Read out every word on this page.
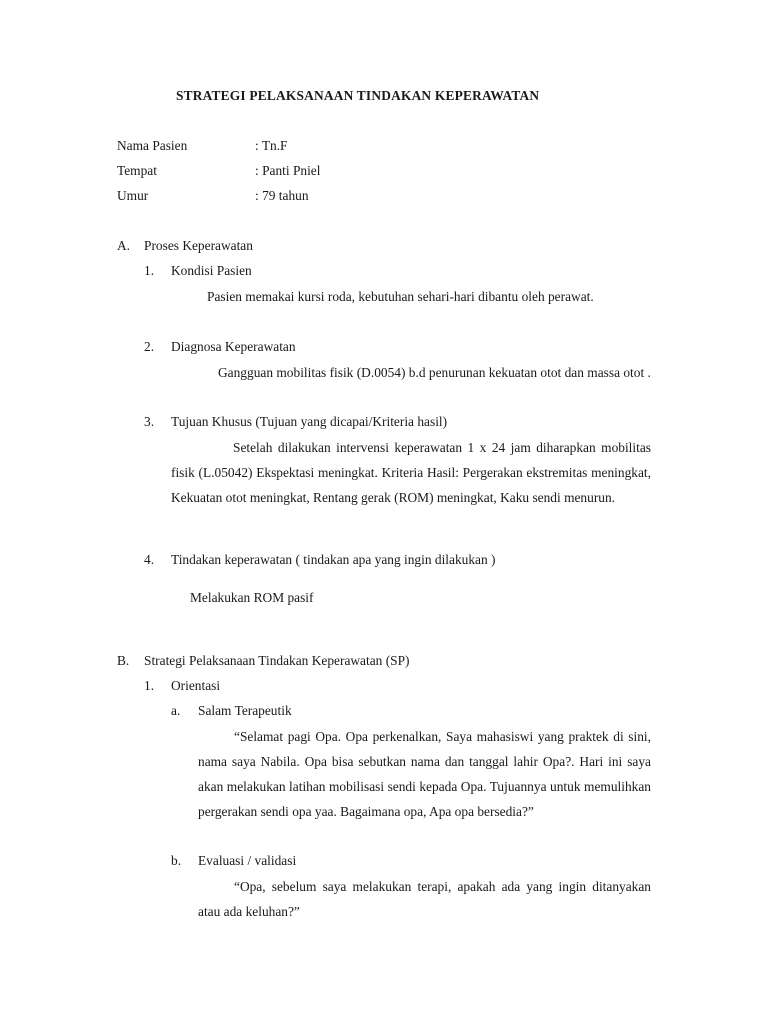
STRATEGI PELAKSANAAN TINDAKAN KEPERAWATAN
Nama Pasien	: Tn.F
Tempat	: Panti Pniel
Umur	: 79 tahun
A. Proses Keperawatan
1. Kondisi Pasien
Pasien memakai kursi roda, kebutuhan sehari-hari dibantu oleh perawat.
2. Diagnosa Keperawatan
Gangguan mobilitas fisik (D.0054) b.d penurunan kekuatan otot dan massa otot .
3. Tujuan Khusus (Tujuan yang dicapai/Kriteria hasil)
Setelah dilakukan intervensi keperawatan 1 x 24 jam diharapkan mobilitas fisik (L.05042) Ekspektasi meningkat. Kriteria Hasil: Pergerakan ekstremitas meningkat, Kekuatan otot meningkat, Rentang gerak (ROM) meningkat, Kaku sendi menurun.
4. Tindakan keperawatan ( tindakan apa yang ingin dilakukan )
Melakukan ROM pasif
B. Strategi Pelaksanaan Tindakan Keperawatan (SP)
1. Orientasi
a. Salam Terapeutik
“Selamat pagi Opa. Opa perkenalkan, Saya mahasiswi yang praktek di sini, nama saya Nabila. Opa bisa sebutkan nama dan tanggal lahir Opa?. Hari ini saya akan melakukan latihan mobilisasi sendi kepada Opa. Tujuannya untuk memulihkan pergerakan sendi opa yaa. Bagaimana opa, Apa opa bersedia?”
b. Evaluasi / validasi
“Opa, sebelum saya melakukan terapi, apakah ada yang ingin ditanyakan atau ada keluhan?”
